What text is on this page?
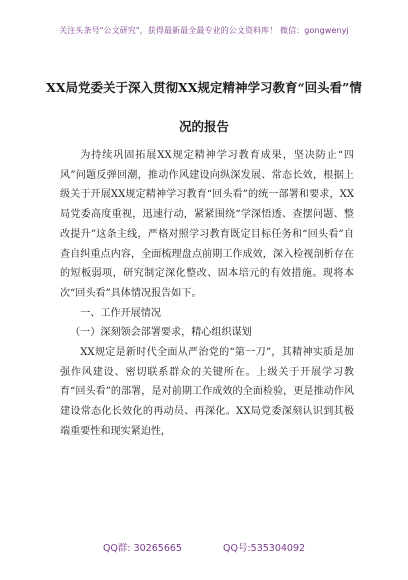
关注头条号"公文研究"，获得最新最全最专业的公文资料库！ 微信：gongwenyj
XX局党委关于深入贯彻XX规定精神学习教育“回头看”情
况的报告

为持续巩固拓展XX规定精神学习教育成果，坚决防止“四风”问题反弹回潮，推动作风建设向纵深发展、常态长效，根据上级关于开展XX规定精神学习教育“回头看”的统一部署和要求，XX局党委高度重视，迅速行动，紧紧围绕“学深悟透、查摆问题、整改提升”这条主线，严格对照学习教育既定目标任务和“回头看”自查自纠重点内容，全面梳理盘点前期工作成效，深入检视剖析存在的短板弱项，研究制定深化整改、固本培元的有效措施。现将本次“回头看”具体情况报告如下。

一、工作开展情况

（一）深刻领会部署要求，精心组织谋划

XX规定是新时代全面从严治党的“第一刀”，其精神实质是加强作风建设、密切联系群众的关键所在。上级关于开展学习教育“回头看”的部署，是对前期工作成效的全面检验，更是推动作风建设常态化长效化的再动员、再深化。XX局党委深刻认识到其极端重要性和现实紧迫性，

QQ群: 30265665	QQ号:535304092
